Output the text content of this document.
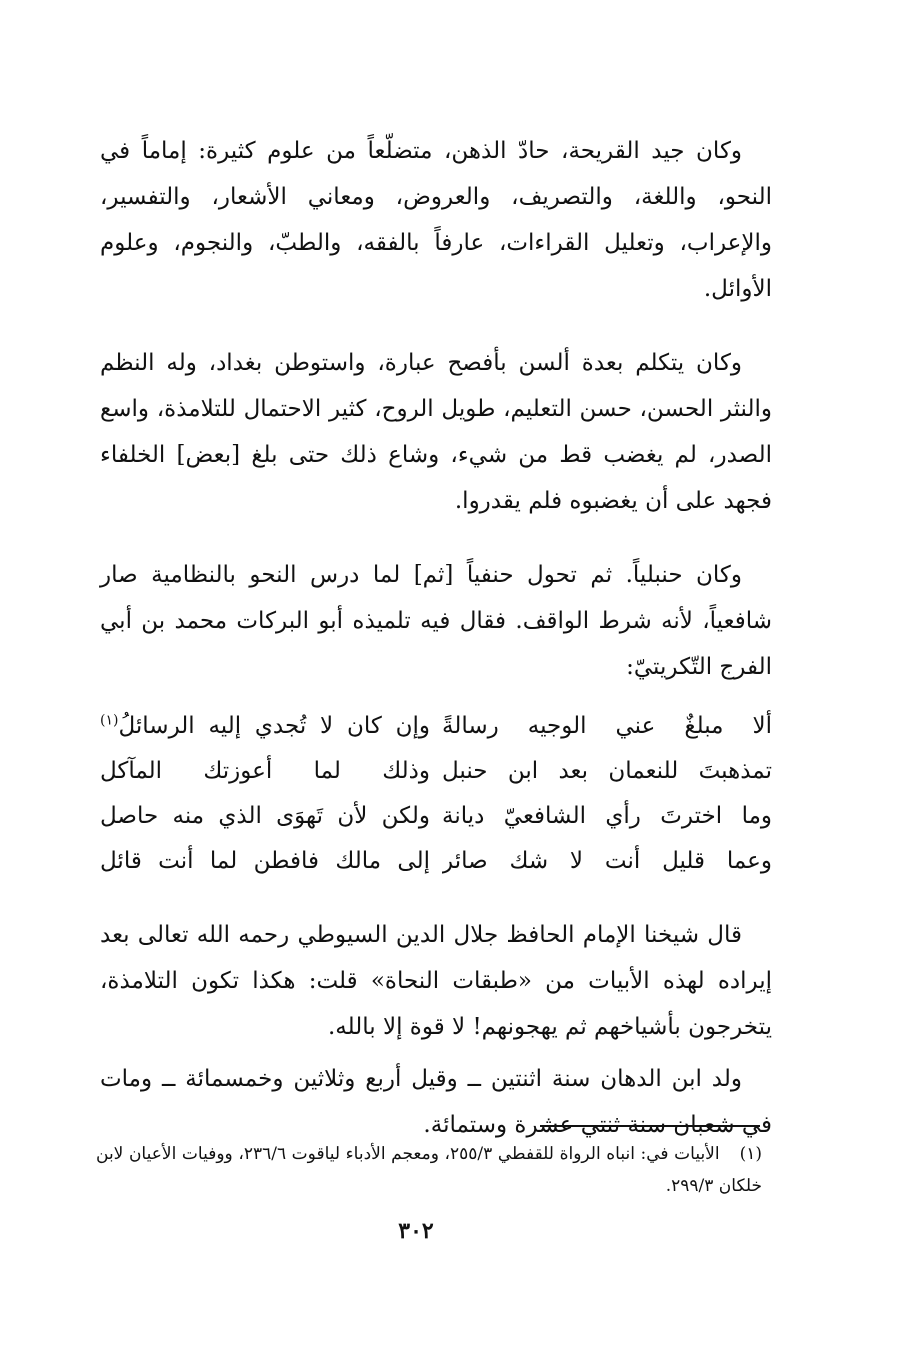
وكان جيد القريحة، حادّ الذهن، متضلّعاً من علوم كثيرة: إماماً في النحو، واللغة، والتصريف، والعروض، ومعاني الأشعار، والتفسير، والإعراب، وتعليل القراءات، عارفاً بالفقه، والطبّ، والنجوم، وعلوم الأوائل.

وكان يتكلم بعدة ألسن بأفصح عبارة، واستوطن بغداد، وله النظم والنثر الحسن، حسن التعليم، طويل الروح، كثير الاحتمال للتلامذة، واسع الصدر، لم يغضب قط من شيء، وشاع ذلك حتى بلغ [بعض] الخلفاء فجهد على أن يغضبوه فلم يقدروا.

وكان حنبلياً. ثم تحول حنفياً [ثم] لما درس النحو بالنظامية صار شافعياً، لأنه شرط الواقف. فقال فيه تلميذه أبو البركات محمد بن أبي الفرج التّكريتيّ:

ألا مبلغٌ عني الوجيه رسالةً
وإن كان لا تُجدي إليه الرسائلُ$^{(١)}$
تمذهبتَ للنعمان بعد ابن حنبل
وذلك لما أعوزتك المآكل
وما اخترتَ رأي الشافعيّ ديانة
ولكن لأن تَهوَى الذي منه حاصل
وعما قليل أنت لا شك صائر
إلى مالك فافطن لما أنت قائل

قال شيخنا الإمام الحافظ جلال الدين السيوطي رحمه الله تعالى بعد إيراده لهذه الأبيات من «طبقات النحاة» قلت: هكذا تكون التلامذة، يتخرجون بأشياخهم ثم يهجونهم! لا قوة إلا بالله.

ولد ابن الدهان سنة اثنتين ــ وقيل أربع وثلاثين وخمسمائة ــ ومات في شعبان سنة ثنتي عشرة وستمائة.

(١)الأبيات في: انباه الرواة للقفطي ٢٥٥/٣، ومعجم الأدباء لياقوت ٢٣٦/٦، ووفيات الأعيان لابن خلكان ٢٩٩/٣.
٣٠٢
